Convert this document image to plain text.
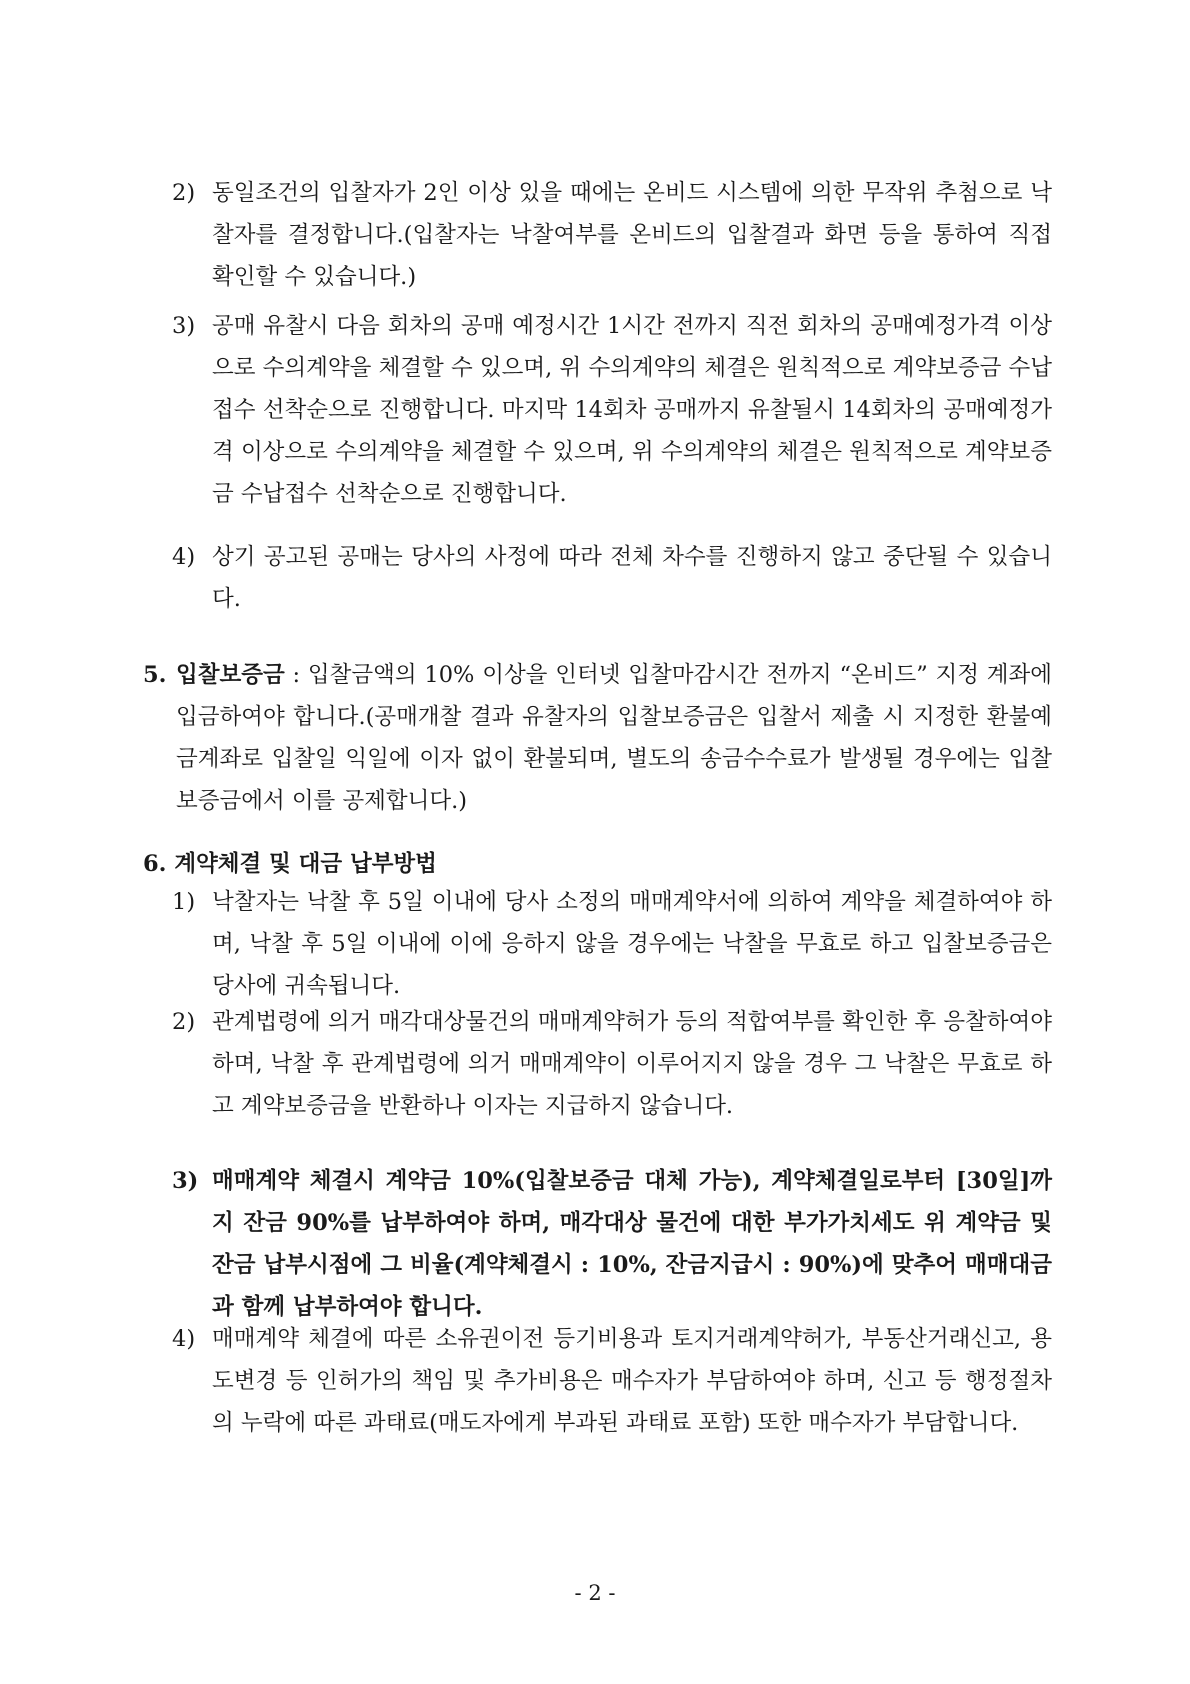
2) 동일조건의 입찰자가 2인 이상 있을 때에는 온비드 시스템에 의한 무작위 추첨으로 낙찰자를 결정합니다.(입찰자는 낙찰여부를 온비드의 입찰결과 화면 등을 통하여 직접 확인할 수 있습니다.)
3) 공매 유찰시 다음 회차의 공매 예정시간 1시간 전까지 직전 회차의 공매예정가격 이상으로 수의계약을 체결할 수 있으며, 위 수의계약의 체결은 원칙적으로 계약보증금 수납접수 선착순으로 진행합니다. 마지막 14회차 공매까지 유찰될시 14회차의 공매예정가격 이상으로 수의계약을 체결할 수 있으며, 위 수의계약의 체결은 원칙적으로 계약보증금 수납접수 선착순으로 진행합니다.
4) 상기 공고된 공매는 당사의 사정에 따라 전체 차수를 진행하지 않고 중단될 수 있습니다.
5. 입찰보증금 : 입찰금액의 10% 이상을 인터넷 입찰마감시간 전까지 “온비드” 지정 계좌에 입금하여야 합니다.(공매개찰 결과 유찰자의 입찰보증금은 입찰서 제출 시 지정한 환불예금계좌로 입찰일 익일에 이자 없이 환불되며, 별도의 송금수수료가 발생될 경우에는 입찰보증금에서 이를 공제합니다.)
6. 계약체결 및 대금 납부방법
1) 낙찰자는 낙찰 후 5일 이내에 당사 소정의 매매계약서에 의하여 계약을 체결하여야 하며, 낙찰 후 5일 이내에 이에 응하지 않을 경우에는 낙찰을 무효로 하고 입찰보증금은 당사에 귀속됩니다.
2) 관계법령에 의거 매각대상물건의 매매계약허가 등의 적합여부를 확인한 후 응찰하여야 하며, 낙찰 후 관계법령에 의거 매매계약이 이루어지지 않을 경우 그 낙찰은 무효로 하고 계약보증금을 반환하나 이자는 지급하지 않습니다.
3) 매매계약 체결시 계약금 10%(입찰보증금 대체 가능), 계약체결일로부터 [30일]까지 잔금 90%를 납부하여야 하며, 매각대상 물건에 대한 부가가치세도 위 계약금 및 잔금 납부시점에 그 비율(계약체결시 : 10%, 잔금지급시 : 90%)에 맞추어 매매대금과 함께 납부하여야 합니다.
4) 매매계약 체결에 따른 소유권이전 등기비용과 토지거래계약허가, 부동산거래신고, 용도변경 등 인허가의 책임 및 추가비용은 매수자가 부담하여야 하며, 신고 등 행정절차의 누락에 따른 과태료(매도자에게 부과된 과태료 포함) 또한 매수자가 부담합니다.
- 2 -
